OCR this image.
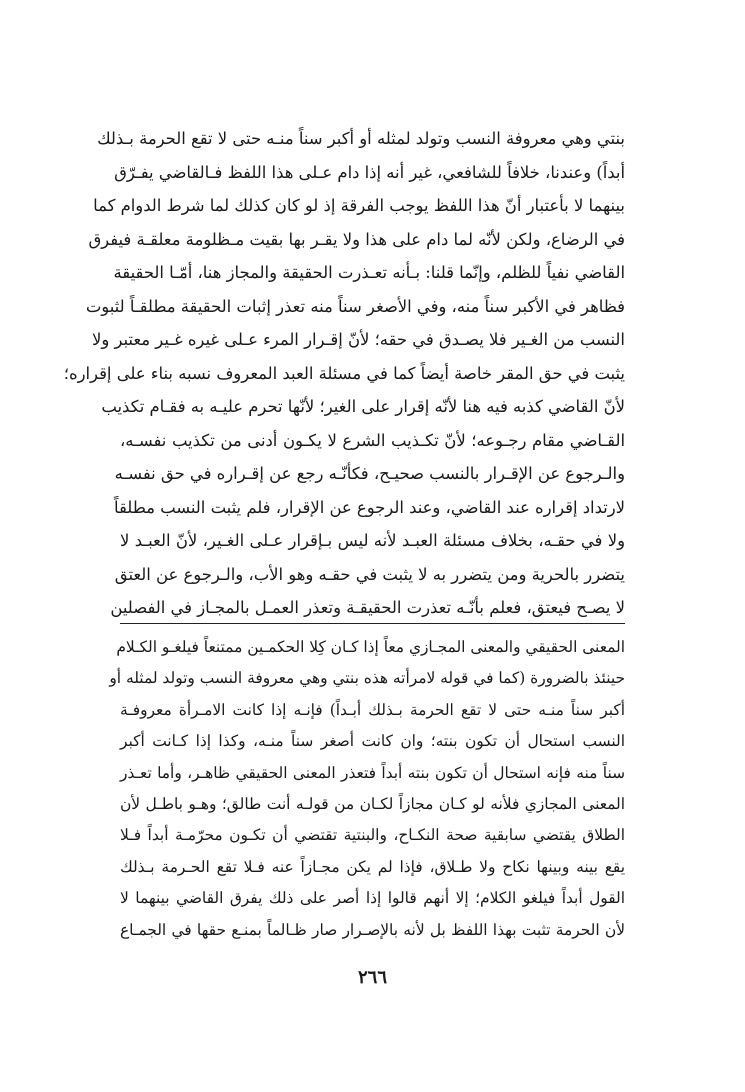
بنتي وهي معروفة النسب وتولد لمثله أو أكبر سناً منـه حتى لا تقع الحرمة بـذلك
أبداً) وعندنا، خلافاً للشافعي، غير أنه إذا دام عـلى هذا اللفظ فـالقاضي يفـرّق
بينهما لا بأعتبار أنّ هذا اللفظ يوجب الفرقة إذ لو كان كذلك لما شرط الدوام كما
في الرضاع، ولكن لأنّه لما دام على هذا ولا يقـر بها بقيت مـظلومة معلقـة فيفرق
القاضي نفياً للظلم، وإنّما قلنا: بـأنه تعـذرت الحقيقة والمجاز هنا، أمّـا الحقيقة
فظاهر في الأكبر سناً منه، وفي الأصغر سناً منه تعذر إثبات الحقيقة مطلقـاً لثبوت
النسب من الغـير فلا يصـدق في حقه؛ لأنّ إقـرار المرء عـلى غيره غـير معتبر ولا
يثبت في حق المقر خاصة أيضاً كما في مسئلة العبد المعروف نسبه بناء على إقراره؛
لأنّ القاضي كذبه فيه هنا لأنّه إقرار على الغير؛ لأنّها تحرم عليـه به فقـام تكذيب
القـاضي مقام رجـوعه؛ لأنّ تكـذيب الشرع لا يكـون أدنى من تكذيب نفسـه،
والـرجوع عن الإقـرار بالنسب صحيـح، فكأنّـه رجع عن إقـراره في حق نفسـه
لارتداد إقراره عند القاضي، وعند الرجوع عن الإقرار، فلم يثبت النسب مطلقاً
ولا في حقـه، بخلاف مسئلة العبـد لأنه ليس بـإقرار عـلى الغـير، لأنّ العبـد لا
يتضرر بالحرية ومن يتضرر به لا يثبت في حقـه وهو الأب، والـرجوع عن العتق
لا يصـح فيعتق، فعلم بأنّـه تعذرت الحقيقـة وتعذر العمـل بالمجـاز في الفصلين
المعنى الحقيقي والمعنى المجـازي معاً إذا كـان كِلا الحكمـين ممتنعاً فيلغـو الكـلام
حينئذ بالضرورة (كما في قوله لامرأته هذه بنتي وهي معروفة النسب وتولد لمثله أو
أكبر سناً منـه حتى لا تقع الحرمة بـذلك أبـداً) فإنـه إذا كانت الامـرأة معروفـة
النسب استحال أن تكون بنته؛ وان كانت أصغر سناً منـه، وكذا إذا كـانت أكبر
سناً منه فإنه استحال أن تكون بنته أبداً فتعذر المعنى الحقيقي ظاهـر، وأما تعـذر
المعنى المجازي فلأنه لو كـان مجازاً لكـان من قولـه أنت طالق؛ وهـو باطـل لأن
الطلاق يقتضي سابقية صحة النكـاح، والبنتية تقتضي أن تكـون محرّمـة أبداً فـلا
يقع بينه وبينها نكاح ولا طـلاق، فإذا لم يكن مجـازاً عنه فـلا تقع الحـرمة بـذلك
القول أبداً فيلغو الكلام؛ إلا أنهم قالوا إذا أصر على ذلك يفرق القاضي بينهما لا
لأن الحرمة تثبت بهذا اللفظ بل لأنه بالإصـرار صار ظـالماً بمنـع حقها في الجمـاع
٢٦٦
